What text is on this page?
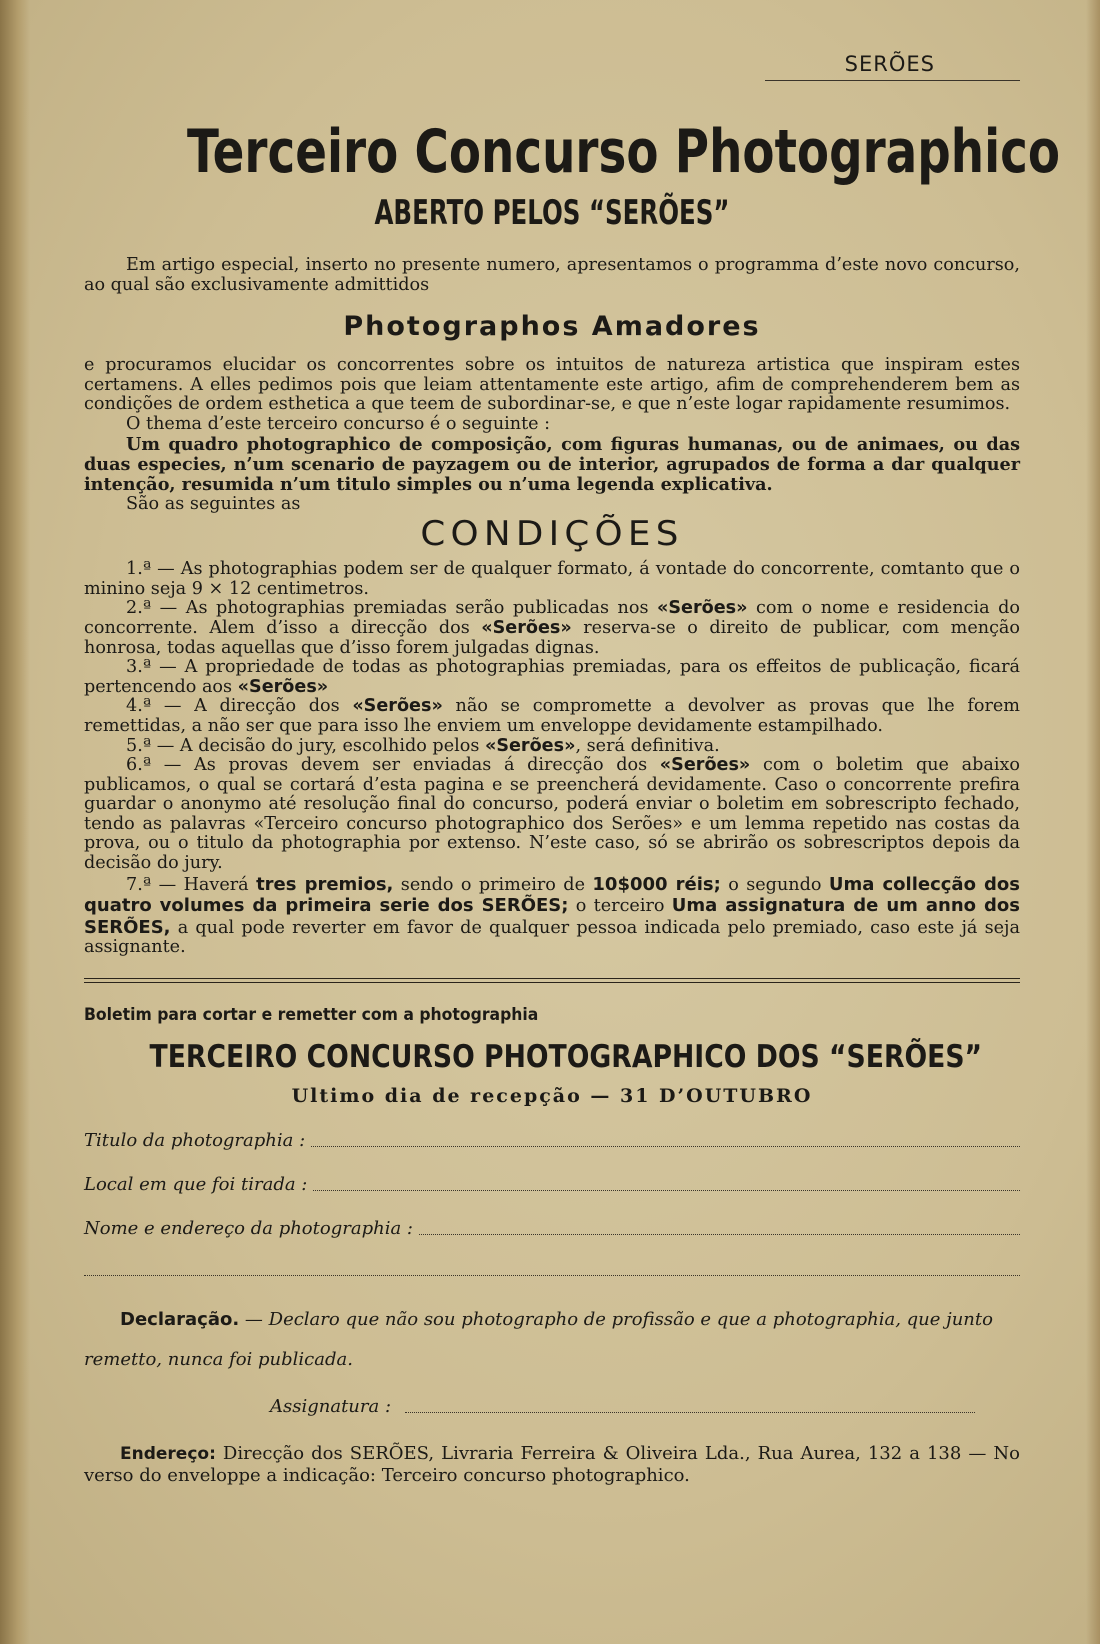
SERÕES
Terceiro Concurso Photographico
ABERTO PELOS “SERÕES”

Em artigo especial, inserto no presente numero, apresentamos o programma d’este novo concurso, ao qual são exclusivamente admittidos

Photographos Amadores

e procuramos elucidar os concorrentes sobre os intuitos de natureza artistica que inspiram estes certamens. A elles pedimos pois que leiam attentamente este artigo, afim de comprehenderem bem as condições de ordem esthetica a que teem de subordinar-se, e que n’este logar rapidamente resumimos.

O thema d’este terceiro concurso é o seguinte :

Um quadro photographico de composição, com figuras humanas, ou de animaes, ou das duas especies, n’um scenario de payzagem ou de interior, agrupados de forma a dar qualquer intenção, resumida n’um titulo simples ou n’uma legenda explicativa.

São as seguintes as

CONDIÇÕES

1.ª — As photographias podem ser de qualquer formato, á vontade do concorrente, comtanto que o minino seja 9 × 12 centimetros.

2.ª — As photographias premiadas serão publicadas nos «Serões» com o nome e residencia do concorrente. Alem d’isso a direcção dos «Serões» reserva-se o direito de publicar, com menção honrosa, todas aquellas que d’isso forem julgadas dignas.

3.ª — A propriedade de todas as photographias premiadas, para os effeitos de publicação, ficará pertencendo aos «Serões»

4.ª — A direcção dos «Serões» não se compromette a devolver as provas que lhe forem remettidas, a não ser que para isso lhe enviem um enveloppe devidamente estampilhado.

5.ª — A decisão do jury, escolhido pelos «Serões», será definitiva.

6.ª — As provas devem ser enviadas á direcção dos «Serões» com o boletim que abaixo publicamos, o qual se cortará d’esta pagina e se preencherá devidamente. Caso o concorrente prefira guardar o anonymo até resolução final do concurso, poderá enviar o boletim em sobrescripto fechado, tendo as palavras «Terceiro concurso photographico dos Serões» e um lemma repetido nas costas da prova, ou o titulo da photographia por extenso. N’este caso, só se abrirão os sobrescriptos depois da decisão do jury.

7.ª — Haverá tres premios, sendo o primeiro de 10$000 réis; o segundo Uma collecção dos quatro volumes da primeira serie dos SERÕES; o terceiro Uma assignatura de um anno dos SERÕES, a qual pode reverter em favor de qualquer pessoa indicada pelo premiado, caso este já seja assignante.

Boletim para cortar e remetter com a photographia
TERCEIRO CONCURSO PHOTOGRAPHICO DOS “SERÕES”
Ultimo dia de recepção — 31 D’OUTUBRO
Titulo da photographia :
Local em que foi tirada :
Nome e endereço da photographia :

Declaração. — Declaro que não sou photographo de profissão e que a photographia, que junto remetto, nunca foi publicada.

Assignatura :

Endereço: Direcção dos SERÕES, Livraria Ferreira & Oliveira Lda., Rua Aurea, 132 a 138 — No verso do enveloppe a indicação: Terceiro concurso photographico.
